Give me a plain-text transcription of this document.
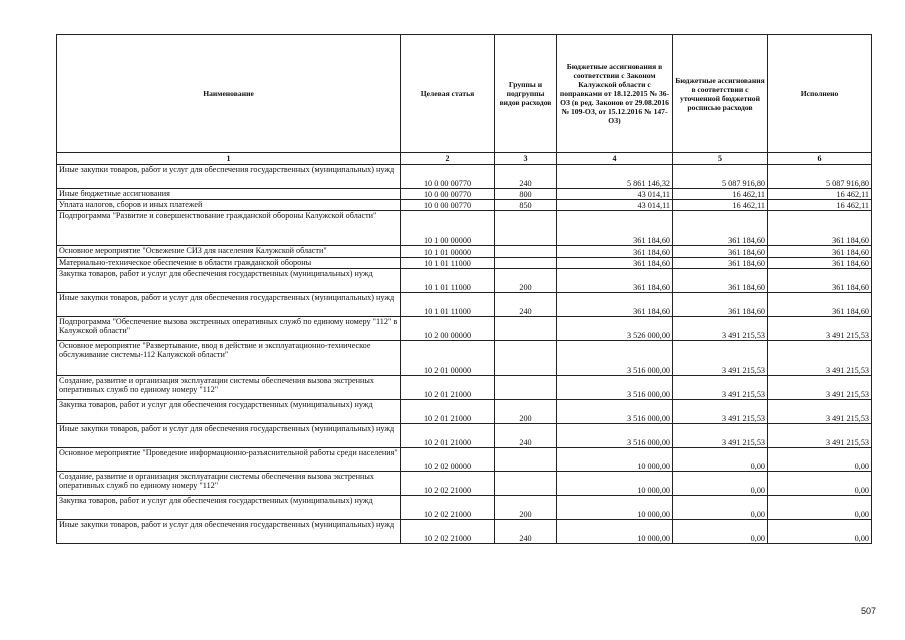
Наименование	Целевая статья	Группы и подгруппы видов расходов	Бюджетные ассигнования в соответствии с Законом Калужской области с поправками от 18.12.2015 № 36-ОЗ (в ред. Законов от 29.08.2016 № 109-ОЗ, от 15.12.2016 № 147-ОЗ)	Бюджетные ассигнования в соответствии с уточненной бюджетной росписью расходов	Исполнено
1	2	3	4	5	6
Иные закупки товаров, работ и услуг для обеспечения государственных (муниципальных) нужд	10 0 00 00770	240	5 861 146,32	5 087 916,80	5 087 916,80
Иные бюджетные ассигнования	10 0 00 00770	800	43 014,11	16 462,11	16 462,11
Уплата налогов, сборов и иных платежей	10 0 00 00770	850	43 014,11	16 462,11	16 462,11
Подпрограмма "Развитие и совершенствование гражданской обороны Калужской области"	10 1 00 00000		361 184,60	361 184,60	361 184,60
Основное мероприятие "Освежение СИЗ для населения Калужской области"	10 1 01 00000		361 184,60	361 184,60	361 184,60
Материально-техническое обеспечение в области гражданской обороны	10 1 01 11000		361 184,60	361 184,60	361 184,60
Закупка товаров, работ и услуг для обеспечения государственных (муниципальных) нужд	10 1 01 11000	200	361 184,60	361 184,60	361 184,60
Иные закупки товаров, работ и услуг для обеспечения государственных (муниципальных) нужд	10 1 01 11000	240	361 184,60	361 184,60	361 184,60
Подпрограмма "Обеспечение вызова экстренных оперативных служб по единому номеру "112" в Калужской области"	10 2 00 00000		3 526 000,00	3 491 215,53	3 491 215,53
Основное мероприятие "Развертывание, ввод в действие и эксплуатационно-техническое обслуживание системы-112 Калужской области"	10 2 01 00000		3 516 000,00	3 491 215,53	3 491 215,53
Создание, развитие и организация эксплуатации системы обеспечения вызова экстренных оперативных служб по единому номеру "112"	10 2 01 21000		3 516 000,00	3 491 215,53	3 491 215,53
Закупка товаров, работ и услуг для обеспечения государственных (муниципальных) нужд	10 2 01 21000	200	3 516 000,00	3 491 215,53	3 491 215,53
Иные закупки товаров, работ и услуг для обеспечения государственных (муниципальных) нужд	10 2 01 21000	240	3 516 000,00	3 491 215,53	3 491 215,53
Основное мероприятие "Проведение информационно-разъяснительной работы среди населения"	10 2 02 00000		10 000,00	0,00	0,00
Создание, развитие и организация эксплуатации системы обеспечения вызова экстренных оперативных служб по единому номеру "112"	10 2 02 21000		10 000,00	0,00	0,00
Закупка товаров, работ и услуг для обеспечения государственных (муниципальных) нужд	10 2 02 21000	200	10 000,00	0,00	0,00
Иные закупки товаров, работ и услуг для обеспечения государственных (муниципальных) нужд	10 2 02 21000	240	10 000,00	0,00	0,00
507
